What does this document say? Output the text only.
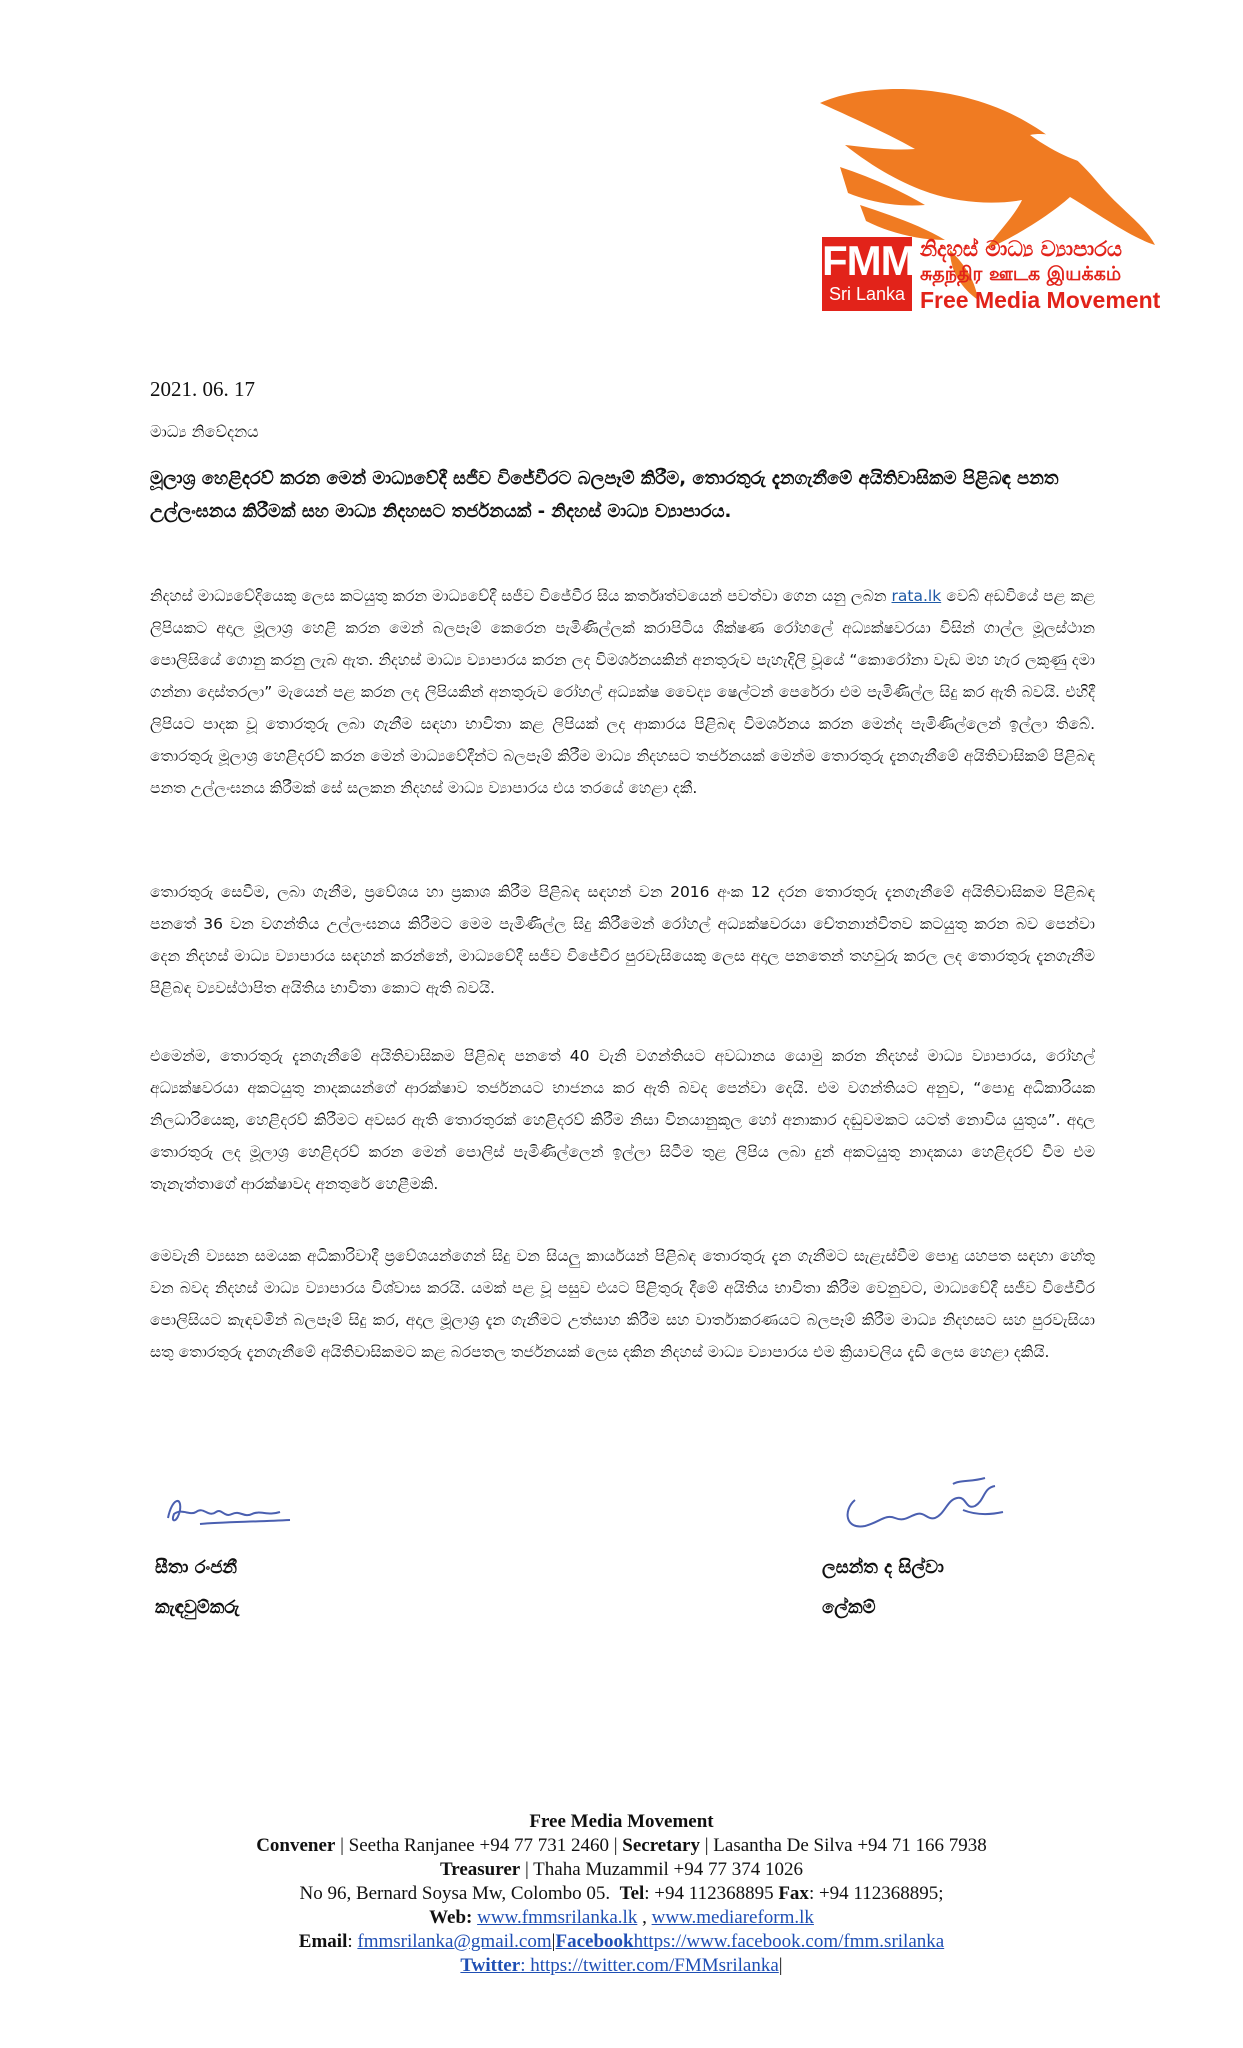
FMM
Sri Lanka
නිදහස් මාධ්‍ය ව්‍යාපාරය
சுதந்திர ஊடக இயக்கம்
Free Media Movement
2021. 06. 17
මාධ්‍ය නිවේදනය
මූලාශ්‍ර හෙළිදරව් කරන මෙන් මාධ්‍යවේදී සජීව විජේවීරට බලපෑම් කිරීම, තොරතුරු දැනගැනීමේ අයිතිවාසිකම පිළිබඳ පනත උල්ලංඝනය කිරීමක් සහ මාධ්‍ය නිදහසට තර්ජනයක් - නිදහස් මාධ්‍ය ව්‍යාපාරය.
නිදහස් මාධ්‍යවේදියෙකු ලෙස කටයුතු කරන මාධ්‍යවේදී සජීව විජේවීර සිය කර්තෘත්වයෙන් පවත්වා ගෙන යනු ලබන rata.lk වෙබ් අඩවියේ පළ කළ ලිපියකට අදාල මූලාශ්‍ර හෙළි කරන මෙන් බලපෑම් කෙරෙන පැමිණිල්ලක් කරාපිටිය ශික්ෂණ රෝහලේ අධ්‍යක්ෂවරයා විසින් ගාල්ල මූලස්ථාන පොලිසියේ ගොනු කරනු ලැබ ඇත. නිදහස් මාධ්‍ය ව්‍යාපාරය කරන ලද විමර්ශනයකින් අනතුරුව පැහැදිලි වූයේ “කොරෝනා වැඩ මහ හැර ලකුණු දමා ගන්නා දොස්තරලා” මැයෙන් පළ කරන ලද ලිපියකින් අනතුරුව රෝහල් අධ්‍යක්ෂ වෛද්‍ය ෂෙල්ටන් පෙරේරා එම පැමිණිල්ල සිදු කර ඇති බවයි. එහිදී ලිපියට පාදක වූ තොරතුරු ලබා ගැනීම සඳහා භාවිතා කළ ලිපියක් ලද ආකාරය පිළිබඳ විමර්ශනය කරන මෙන්ද පැමිණිල්ලෙන් ඉල්ලා තිබේ. තොරතුරු මූලාශ්‍ර හෙළිදරව් කරන මෙන් මාධ්‍යවේදීන්ට බලපෑම් කිරීම මාධ්‍ය නිදහසට තර්ජනයක් මෙන්ම තොරතුරු දැනගැනීමේ අයිතිවාසිකම් පිළිබඳ පනත උල්ලංඝනය කිරීමක් සේ සලකන නිදහස් මාධ්‍ය ව්‍යාපාරය එය තරයේ හෙළා දකී.
තොරතුරු සෙවීම, ලබා ගැනීම, ප්‍රවේශය හා ප්‍රකාශ කිරීම පිළිබඳ සඳහන් වන 2016 අංක 12 දරන තොරතුරු දැනගැනීමේ අයිතිවාසිකම පිළිබඳ පනතේ 36 වන වගන්තිය උල්ලංඝනය කිරීමට මෙම පැමිණිල්ල සිදු කිරීමෙන් රෝහල් අධ්‍යක්ෂවරයා චේතනාන්විතව කටයුතු කරන බව පෙන්වා දෙන නිදහස් මාධ්‍ය ව්‍යාපාරය සඳහන් කරන්නේ, මාධ්‍යවේදී සජීව විජේවීර පුරවැසියෙකු ලෙස අදාල පනතෙන් තහවුරු කරල ලද තොරතුරු දැනගැනීම පිළිබඳ ව්‍යවස්ථාපිත අයිතිය භාවිතා කොට ඇති බවයි.
එමෙන්ම, තොරතුරු දැනගැනීමේ අයිතිවාසිකම පිළිබඳ පනතේ 40 වැනි වගන්තියට අවධානය යොමු කරන නිදහස් මාධ්‍ය ව්‍යාපාරය, රෝහල් අධ්‍යක්ෂවරයා අකටයුතු නාදකයන්ගේ ආරක්ෂාව තර්ජනයට භාජනය කර ඇති බවද පෙන්වා දෙයි. එම වගන්තියට අනුව, “පොදු අධිකාරියක නිලධාරියෙකු, හෙළිදරව් කිරීමට අවසර ඇති තොරතුරක් හෙළිදරව් කිරීම නිසා විනයානුකූල හෝ අනාකාර දඬුවමකට යටත් නොවිය යුතුය”. අදාල තොරතුරු ලද මූලාශ්‍ර හෙළිදරව් කරන මෙන් පොලිස් පැමිණිල්ලෙන් ඉල්ලා සිටීම තුළ ලිපිය ලබා දුන් අකටයුතු නාදකයා හෙළිදරව් වීම එම තැනැත්තාගේ ආරක්ෂාවද අනතුරේ හෙළීමකි.
මෙවැනි ව්‍යසන සමයක අධිකාරිවාදී ප්‍රවේශයන්ගෙන් සිදු වන සියලු කාර්යයන් පිළිබඳ තොරතුරු දැන ගැනීමට සැළැස්වීම පොදු යහපත සඳහා හේතු වන බවද නිදහස් මාධ්‍ය ව්‍යාපාරය විශ්වාස කරයි. යමක් පළ වූ පසුව එයට පිළිතුරු දීමේ අයිතිය භාවිතා කිරීම වෙනුවට, මාධ්‍යවේදී සජීව විජේවීර පොලිසියට කැඳවමින් බලපෑම් සිදු කර, අදාල මූලාශ්‍ර දැන ගැනීමට උත්සාහ කිරීම සහ වාර්තාකරණයට බලපෑම් කිරීම මාධ්‍ය නිදහසට සහ පුරවැසියා සතු තොරතුරු දැනගැනීමේ අයිතිවාසිකමට කළ බරපතල තර්ජනයක් ලෙස දකින නිදහස් මාධ්‍ය ව්‍යාපාරය එම ක්‍රියාවලිය දැඩි ලෙස හෙළා දකියි.
සීතා රංජනී
කැඳවුම්කරු
ලසන්ත ද සිල්වා
ලේකම්
Free Media Movement
Convener | Seetha Ranjanee +94 77 731 2460 | Secretary | Lasantha De Silva +94 71 166 7938
Treasurer | Thaha Muzammil +94 77 374 1026
No 96, Bernard Soysa Mw, Colombo 05. Tel: +94 112368895 Fax: +94 112368895;
Web: www.fmmsrilanka.lk , www.mediareform.lk
Email: fmmsrilanka@gmail.com|Facebookhttps://www.facebook.com/fmm.srilanka
Twitter: https://twitter.com/FMMsrilanka|
